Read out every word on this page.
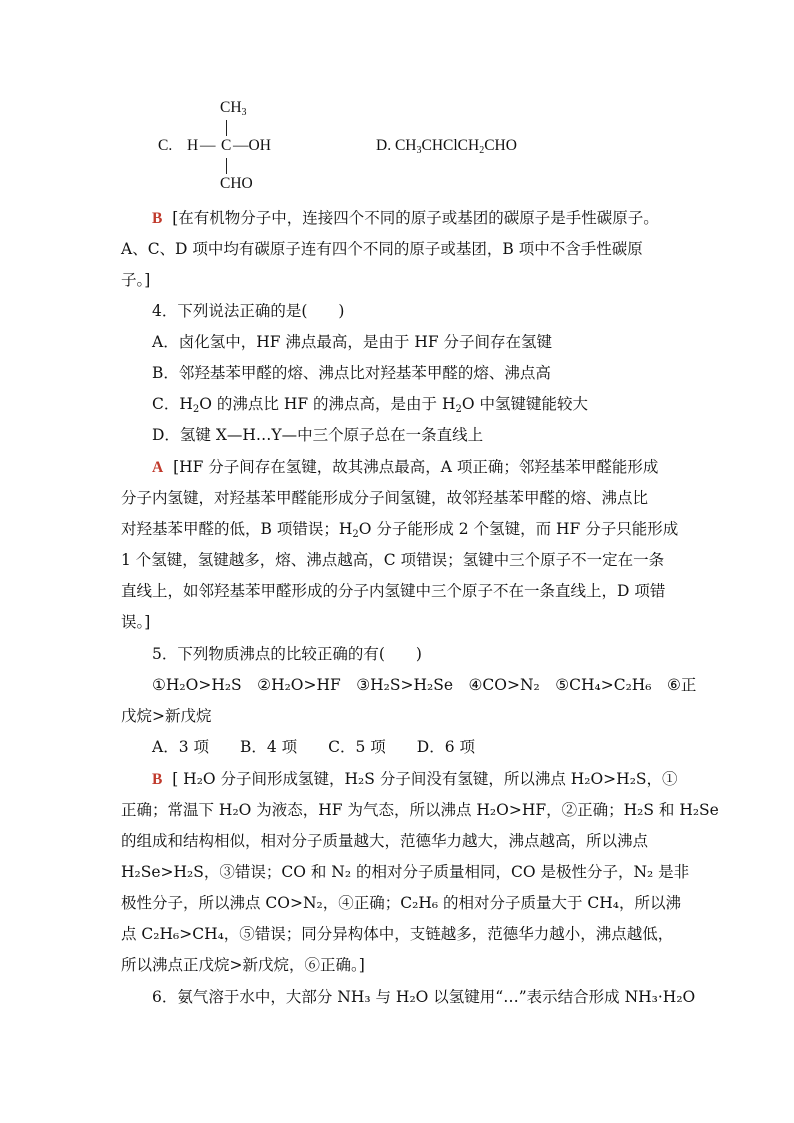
$CH_3$
C. H — C —OH
CHO
D. $CH_3CHClCH_2CHO$
B [在有机物分子中，连接四个不同的原子或基团的碳原子是手性碳原子。
A、C、D 项中均有碳原子连有四个不同的原子或基团，B 项中不含手性碳原
子。]
4．下列说法正确的是(　　)
A．卤化氢中，HF 沸点最高，是由于 HF 分子间存在氢键
B．邻羟基苯甲醛的熔、沸点比对羟基苯甲醛的熔、沸点高
C．$H_2O$ 的沸点比 HF 的沸点高，是由于 $H_2O$ 中氢键键能较大
D．氢键 X—H…Y—中三个原子总在一条直线上
A [HF 分子间存在氢键，故其沸点最高，A 项正确；邻羟基苯甲醛能形成
分子内氢键，对羟基苯甲醛能形成分子间氢键，故邻羟基苯甲醛的熔、沸点比
对羟基苯甲醛的低，B 项错误；$H_2O$ 分子能形成 2 个氢键，而 HF 分子只能形成
1 个氢键，氢键越多，熔、沸点越高，C 项错误；氢键中三个原子不一定在一条
直线上，如邻羟基苯甲醛形成的分子内氢键中三个原子不在一条直线上，D 项错
误。]
5．下列物质沸点的比较正确的有(　　)
①H₂O>H₂S　②H₂O>HF　③H₂S>H₂Se　④CO>N₂　⑤CH₄>C₂H₆　⑥正
戊烷>新戊烷
A．3 项　　B．4 项　　C．5 项　　D．6 项
B [ H₂O 分子间形成氢键，H₂S 分子间没有氢键，所以沸点 H₂O>H₂S，①
正确；常温下 H₂O 为液态，HF 为气态，所以沸点 H₂O>HF，②正确；H₂S 和 H₂Se
的组成和结构相似，相对分子质量越大，范德华力越大，沸点越高，所以沸点
H₂Se>H₂S，③错误；CO 和 N₂ 的相对分子质量相同，CO 是极性分子，N₂ 是非
极性分子，所以沸点 CO>N₂，④正确；C₂H₆ 的相对分子质量大于 CH₄，所以沸
点 C₂H₆>CH₄，⑤错误；同分异构体中，支链越多，范德华力越小，沸点越低，
所以沸点正戊烷>新戊烷，⑥正确。]
6．氨气溶于水中，大部分 NH₃ 与 H₂O 以氢键用“…”表示结合形成 NH₃·H₂O
